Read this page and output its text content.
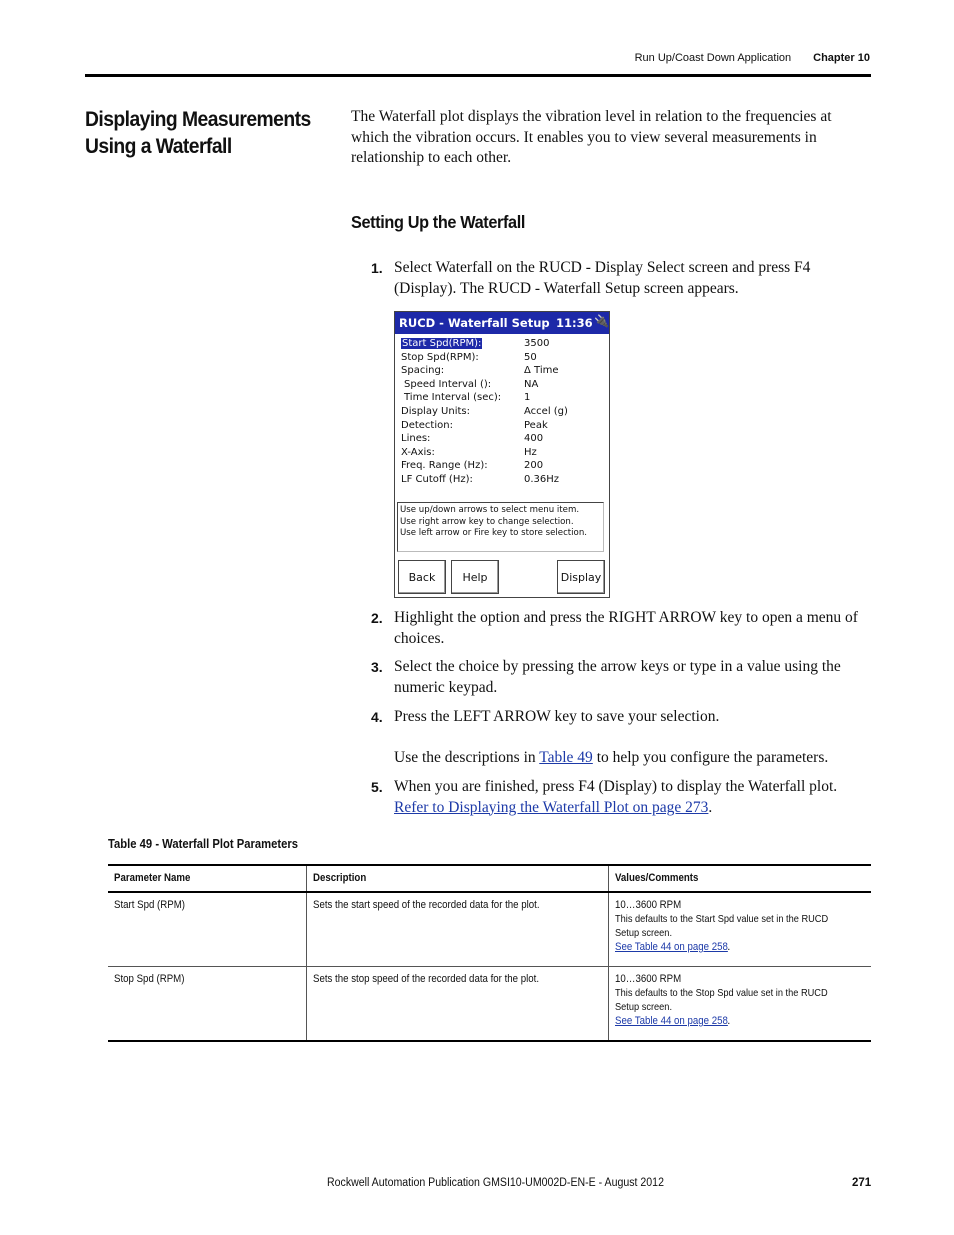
Run Up/Coast Down Application Chapter 10
Displaying Measurements Using a Waterfall
The Waterfall plot displays the vibration level in relation to the frequencies at which the vibration occurs. It enables you to view several measurements in relationship to each other.
Setting Up the Waterfall
1. Select Waterfall on the RUCD - Display Select screen and press F4 (Display). The RUCD - Waterfall Setup screen appears.
RUCD - Waterfall Setup 11:36 🔌
Start Spd(RPM):	3500
Stop Spd(RPM):	50
Spacing:	Δ Time
Speed Interval ():	NA
Time Interval (sec):	1
Display Units:	Accel (g)
Detection:	Peak
Lines:	400
X-Axis:	Hz
Freq. Range (Hz):	200
LF Cutoff (Hz):	0.36Hz
Use up/down arrows to select menu item.
Use right arrow key to change selection.
Use left arrow or Fire key to store selection.
Back	Help	Display
2. Highlight the option and press the RIGHT ARROW key to open a menu of choices.
3. Select the choice by pressing the arrow keys or type in a value using the numeric keypad.
4. Press the LEFT ARROW key to save your selection.
Use the descriptions in Table 49 to help you configure the parameters.
5. When you are finished, press F4 (Display) to display the Waterfall plot.
Refer to Displaying the Waterfall Plot on page 273.
Table 49 - Waterfall Plot Parameters
Parameter Name	Description	Values/Comments
Start Spd (RPM)	Sets the start speed of the recorded data for the plot.	10…3600 RPM
This defaults to the Start Spd value set in the RUCD Setup screen.
See Table 44 on page 258.

Stop Spd (RPM)	Sets the stop speed of the recorded data for the plot.	10…3600 RPM
This defaults to the Stop Spd value set in the RUCD Setup screen.
See Table 44 on page 258.
Rockwell Automation Publication GMSI10-UM002D-EN-E - August 2012	271
